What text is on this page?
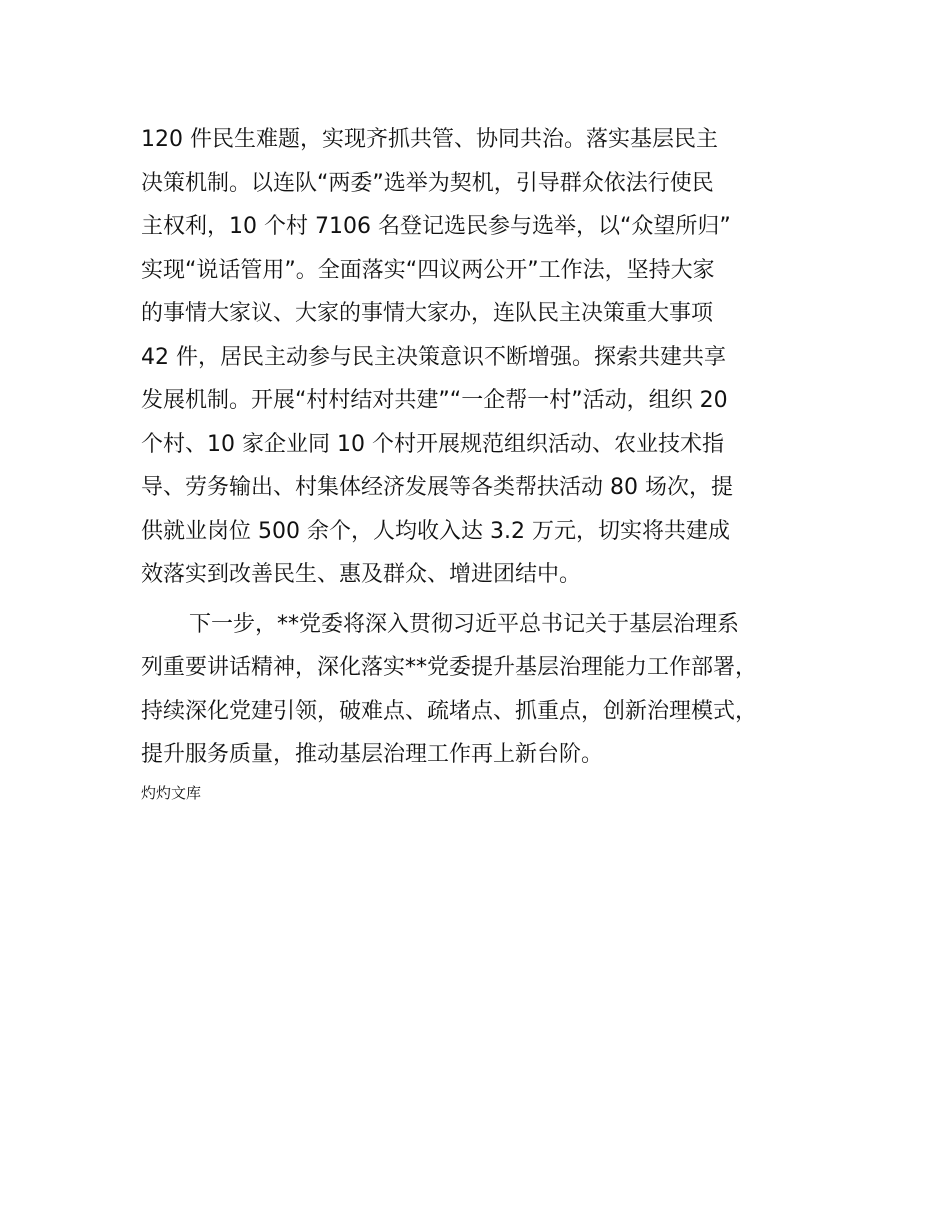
120 件民生难题，实现齐抓共管、协同共治。落实基层民主
决策机制。以连队“两委”选举为契机，引导群众依法行使民
主权利，10 个村 7106 名登记选民参与选举，以“众望所归”
实现“说话管用”。全面落实“四议两公开”工作法，坚持大家
的事情大家议、大家的事情大家办，连队民主决策重大事项
42 件，居民主动参与民主决策意识不断增强。探索共建共享
发展机制。开展“村村结对共建”“一企帮一村”活动，组织 20
个村、10 家企业同 10 个村开展规范组织活动、农业技术指
导、劳务输出、村集体经济发展等各类帮扶活动 80 场次，提
供就业岗位 500 余个，人均收入达 3.2 万元，切实将共建成
效落实到改善民生、惠及群众、增进团结中。
下一步，**党委将深入贯彻习近平总书记关于基层治理系
列重要讲话精神，深化落实**党委提升基层治理能力工作部署，
持续深化党建引领，破难点、疏堵点、抓重点，创新治理模式，
提升服务质量，推动基层治理工作再上新台阶。
灼灼文库
